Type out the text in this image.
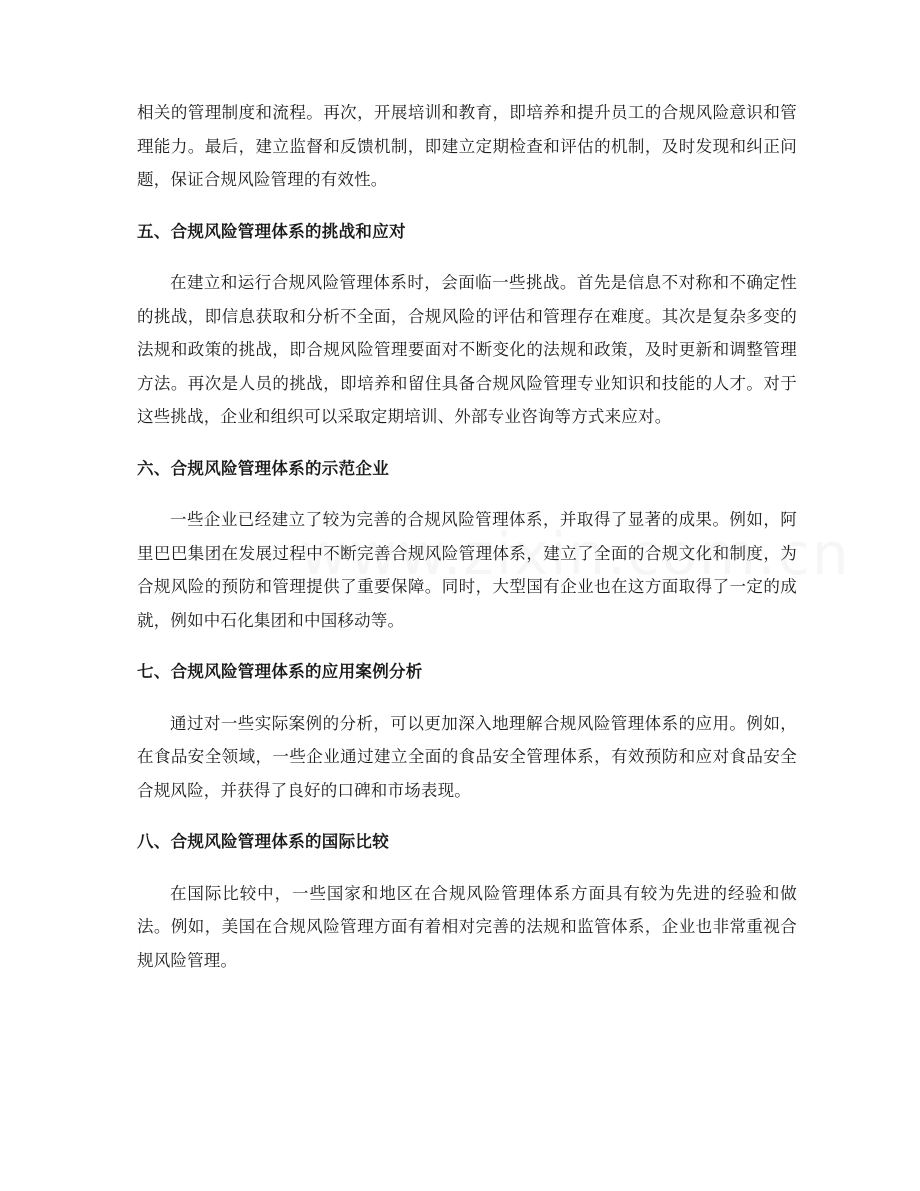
相关的管理制度和流程。再次，开展培训和教育，即培养和提升员工的合规风险意识和管理能力。最后，建立监督和反馈机制，即建立定期检查和评估的机制，及时发现和纠正问题，保证合规风险管理的有效性。

五、合规风险管理体系的挑战和应对

在建立和运行合规风险管理体系时，会面临一些挑战。首先是信息不对称和不确定性的挑战，即信息获取和分析不全面，合规风险的评估和管理存在难度。其次是复杂多变的法规和政策的挑战，即合规风险管理要面对不断变化的法规和政策，及时更新和调整管理方法。再次是人员的挑战，即培养和留住具备合规风险管理专业知识和技能的人才。对于这些挑战，企业和组织可以采取定期培训、外部专业咨询等方式来应对。

六、合规风险管理体系的示范企业

一些企业已经建立了较为完善的合规风险管理体系，并取得了显著的成果。例如，阿里巴巴集团在发展过程中不断完善合规风险管理体系，建立了全面的合规文化和制度，为合规风险的预防和管理提供了重要保障。同时，大型国有企业也在这方面取得了一定的成就，例如中石化集团和中国移动等。

七、合规风险管理体系的应用案例分析

通过对一些实际案例的分析，可以更加深入地理解合规风险管理体系的应用。例如，在食品安全领域，一些企业通过建立全面的食品安全管理体系，有效预防和应对食品安全合规风险，并获得了良好的口碑和市场表现。

八、合规风险管理体系的国际比较

在国际比较中，一些国家和地区在合规风险管理体系方面具有较为先进的经验和做法。例如，美国在合规风险管理方面有着相对完善的法规和监管体系，企业也非常重视合规风险管理。
